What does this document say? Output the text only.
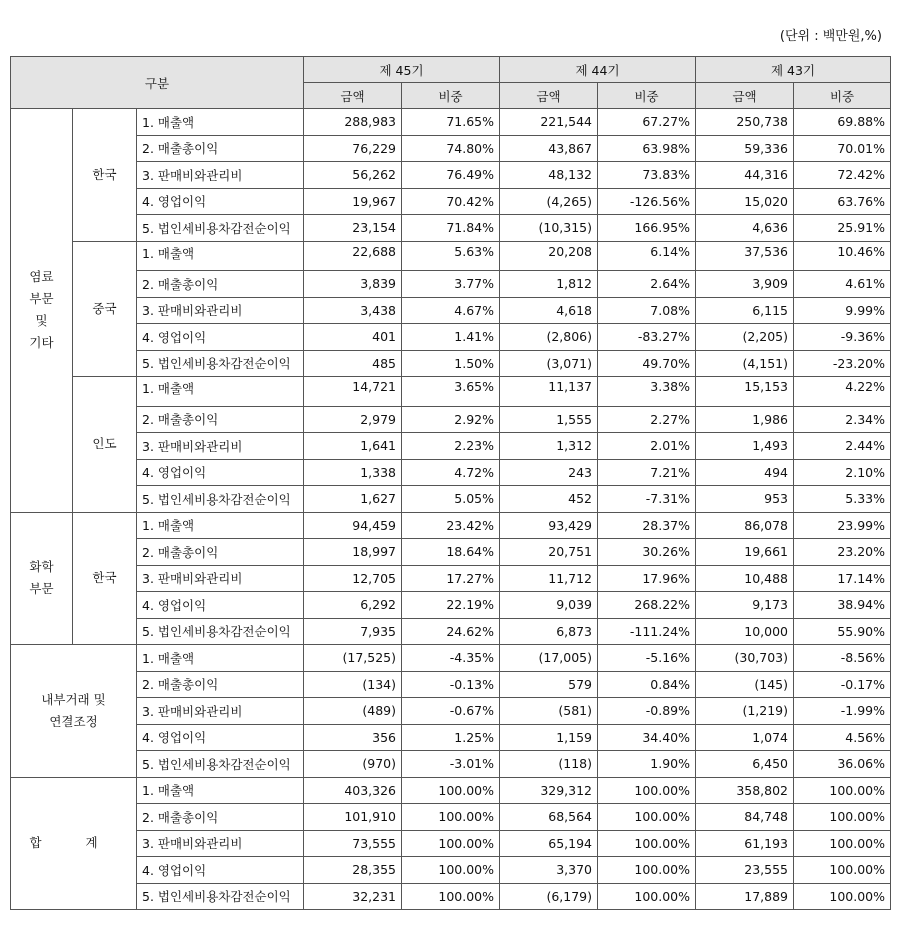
(단위 : 백만원,%)
구분			제 45기		제 44기		제 43기	
			금액	비중	금액	비중	금액	비중
염료
부문
및
기타	한국	1. 매출액	288,983	71.65%	221,544	67.27%	250,738	69.88%
		2. 매출총이익	76,229	74.80%	43,867	63.98%	59,336	70.01%
		3. 판매비와관리비	56,262	76.49%	48,132	73.83%	44,316	72.42%
		4. 영업이익	19,967	70.42%	(4,265)	-126.56%	15,020	63.76%
		5. 법인세비용차감전순이익	23,154	71.84%	(10,315)	166.95%	4,636	25.91%
	중국	1. 매출액	22,688	5.63%	20,208	6.14%	37,536	10.46%
		2. 매출총이익	3,839	3.77%	1,812	2.64%	3,909	4.61%
		3. 판매비와관리비	3,438	4.67%	4,618	7.08%	6,115	9.99%
		4. 영업이익	401	1.41%	(2,806)	-83.27%	(2,205)	-9.36%
		5. 법인세비용차감전순이익	485	1.50%	(3,071)	49.70%	(4,151)	-23.20%
	인도	1. 매출액	14,721	3.65%	11,137	3.38%	15,153	4.22%
		2. 매출총이익	2,979	2.92%	1,555	2.27%	1,986	2.34%
		3. 판매비와관리비	1,641	2.23%	1,312	2.01%	1,493	2.44%
		4. 영업이익	1,338	4.72%	243	7.21%	494	2.10%
		5. 법인세비용차감전순이익	1,627	5.05%	452	-7.31%	953	5.33%
화학
부문	한국	1. 매출액	94,459	23.42%	93,429	28.37%	86,078	23.99%
		2. 매출총이익	18,997	18.64%	20,751	30.26%	19,661	23.20%
		3. 판매비와관리비	12,705	17.27%	11,712	17.96%	10,488	17.14%
		4. 영업이익	6,292	22.19%	9,039	268.22%	9,173	38.94%
		5. 법인세비용차감전순이익	7,935	24.62%	6,873	-111.24%	10,000	55.90%
내부거래 및
연결조정		1. 매출액	(17,525)	-4.35%	(17,005)	-5.16%	(30,703)	-8.56%
		2. 매출총이익	(134)	-0.13%	579	0.84%	(145)	-0.17%
		3. 판매비와관리비	(489)	-0.67%	(581)	-0.89%	(1,219)	-1.99%
		4. 영업이익	356	1.25%	1,159	34.40%	1,074	4.56%
		5. 법인세비용차감전순이익	(970)	-3.01%	(118)	1.90%	6,450	36.06%
합 계		1. 매출액	403,326	100.00%	329,312	100.00%	358,802	100.00%
		2. 매출총이익	101,910	100.00%	68,564	100.00%	84,748	100.00%
		3. 판매비와관리비	73,555	100.00%	65,194	100.00%	61,193	100.00%
		4. 영업이익	28,355	100.00%	3,370	100.00%	23,555	100.00%
		5. 법인세비용차감전순이익	32,231	100.00%	(6,179)	100.00%	17,889	100.00%
